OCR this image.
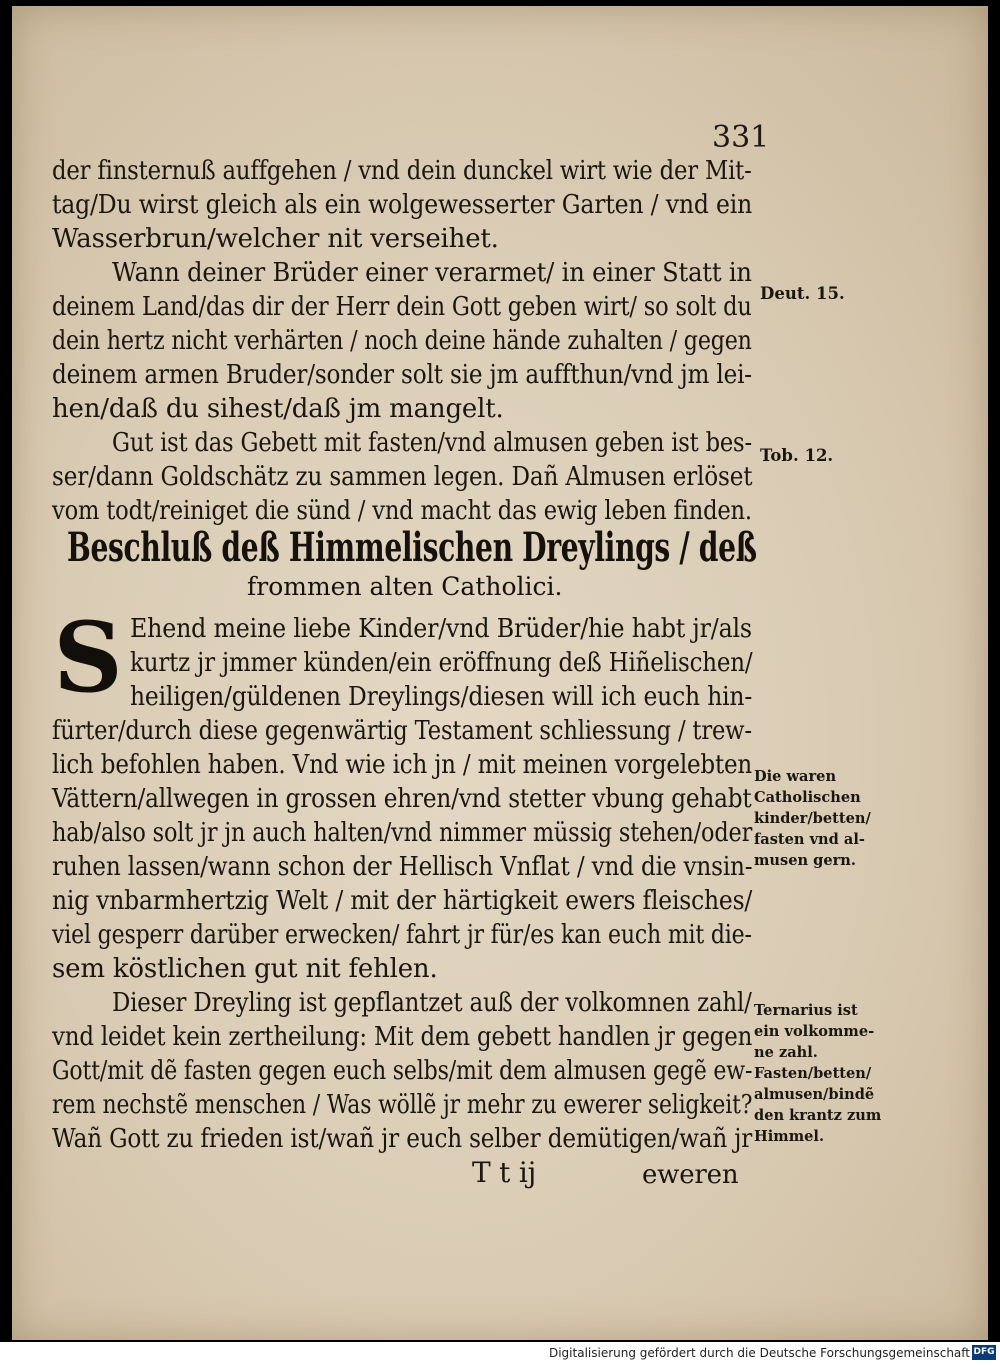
331
der finsternuß auffgehen / vnd dein dunckel wirt wie der Mit-
tag/Du wirst gleich als ein wolgewesserter Garten / vnd ein
Wasserbrun/welcher nit verseihet.
Wann deiner Brüder einer verarmet/ in einer Statt in
deinem Land/das dir der Herr dein Gott geben wirt/ so solt du
dein hertz nicht verhärten / noch deine hände zuhalten / gegen
deinem armen Bruder/sonder solt sie jm auffthun/vnd jm lei-
hen/daß du sihest/daß jm mangelt.
Gut ist das Gebett mit fasten/vnd almusen geben ist bes-
ser/dann Goldschätz zu sammen legen. Dañ Almusen erlöset
vom todt/reiniget die sünd / vnd macht das ewig leben finden.
Beschluß deß Himmelischen Dreylings / deß
frommen alten Catholici.
S Ehend meine liebe Kinder/vnd Brüder/hie habt jr/als
kurtz jr jmmer künden/ein eröffnung deß Hiñelischen/
heiligen/güldenen Dreylings/diesen will ich euch hin-
fürter/durch diese gegenwärtig Testament schliessung / trew-
lich befohlen haben. Vnd wie ich jn / mit meinen vorgelebten
Vättern/allwegen in grossen ehren/vnd stetter vbung gehabt
hab/also solt jr jn auch halten/vnd nimmer müssig stehen/oder
ruhen lassen/wann schon der Hellisch Vnflat / vnd die vnsin-
nig vnbarmhertzig Welt / mit der härtigkeit ewers fleisches/
viel gesperr darüber erwecken/ fahrt jr für/es kan euch mit die-
sem köstlichen gut nit fehlen.
Dieser Dreyling ist gepflantzet auß der volkomnen zahl/
vnd leidet kein zertheilung: Mit dem gebett handlen jr gegen
Gott/mit dẽ fasten gegen euch selbs/mit dem almusen gegẽ ew-
rem nechstẽ menschen / Was wöllẽ jr mehr zu ewerer seligkeit?
Wañ Gott zu frieden ist/wañ jr euch selber demütigen/wañ jr
T t ij	eweren
Deut. 15.
Tob. 12.
Die waren
Catholischen
kinder/betten/
fasten vnd al-
musen gern.
Ternarius ist
ein volkomme-
ne zahl.
Fasten/betten/
almusen/bindẽ
den krantz zum
Himmel.
Digitalisierung gefördert durch die Deutsche Forschungsgemeinschaft DFG
